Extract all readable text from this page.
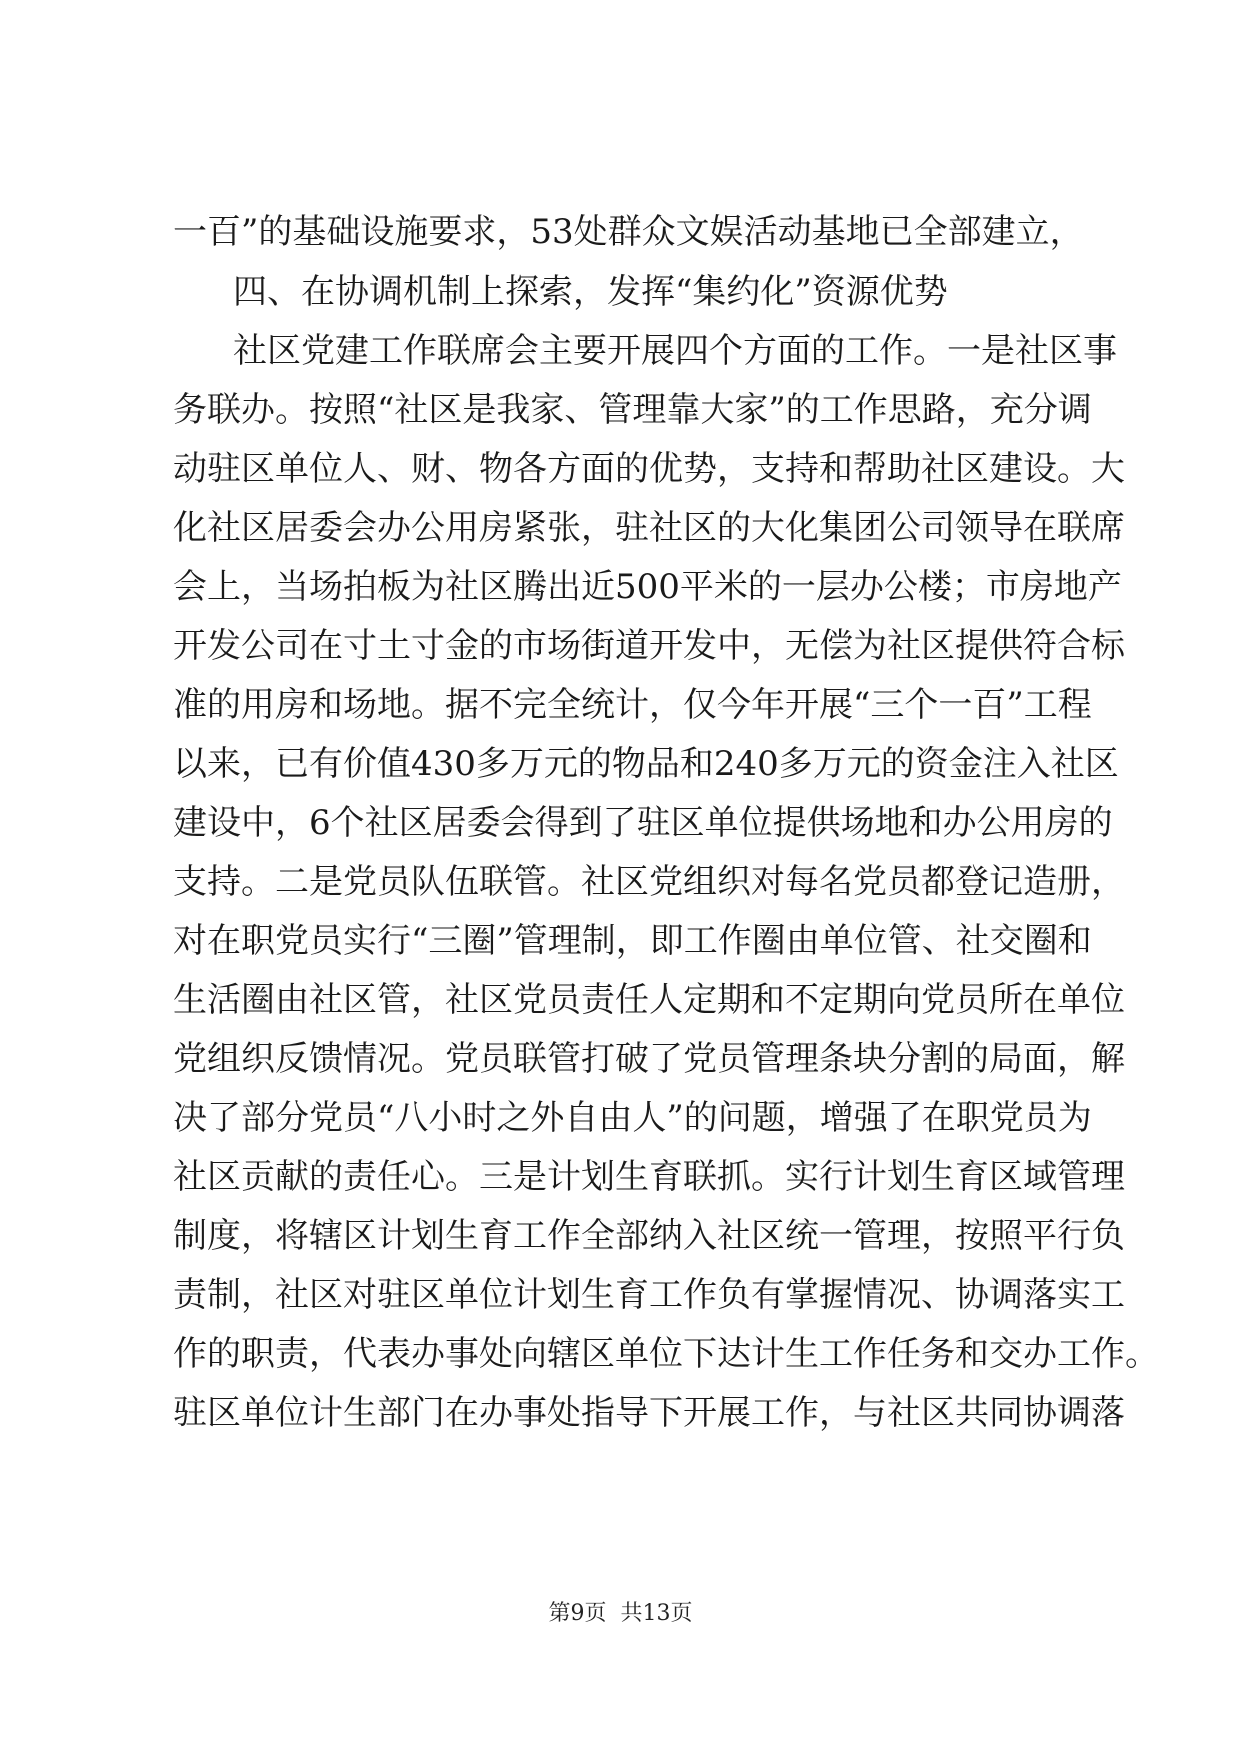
一百”的基础设施要求，53处群众文娱活动基地已全部建立，
四、在协调机制上探索，发挥“集约化”资源优势
社区党建工作联席会主要开展四个方面的工作。一是社区事
务联办。按照“社区是我家、管理靠大家”的工作思路，充分调
动驻区单位人、财、物各方面的优势，支持和帮助社区建设。大
化社区居委会办公用房紧张，驻社区的大化集团公司领导在联席
会上，当场拍板为社区腾出近500平米的一层办公楼；市房地产
开发公司在寸土寸金的市场街道开发中，无偿为社区提供符合标
准的用房和场地。据不完全统计，仅今年开展“三个一百”工程
以来，已有价值430多万元的物品和240多万元的资金注入社区
建设中，6个社区居委会得到了驻区单位提供场地和办公用房的
支持。二是党员队伍联管。社区党组织对每名党员都登记造册，
对在职党员实行“三圈”管理制，即工作圈由单位管、社交圈和
生活圈由社区管，社区党员责任人定期和不定期向党员所在单位
党组织反馈情况。党员联管打破了党员管理条块分割的局面，解
决了部分党员“八小时之外自由人”的问题，增强了在职党员为
社区贡献的责任心。三是计划生育联抓。实行计划生育区域管理
制度，将辖区计划生育工作全部纳入社区统一管理，按照平行负
责制，社区对驻区单位计划生育工作负有掌握情况、协调落实工
作的职责，代表办事处向辖区单位下达计生工作任务和交办工作。
驻区单位计生部门在办事处指导下开展工作，与社区共同协调落
第9页  共13页
